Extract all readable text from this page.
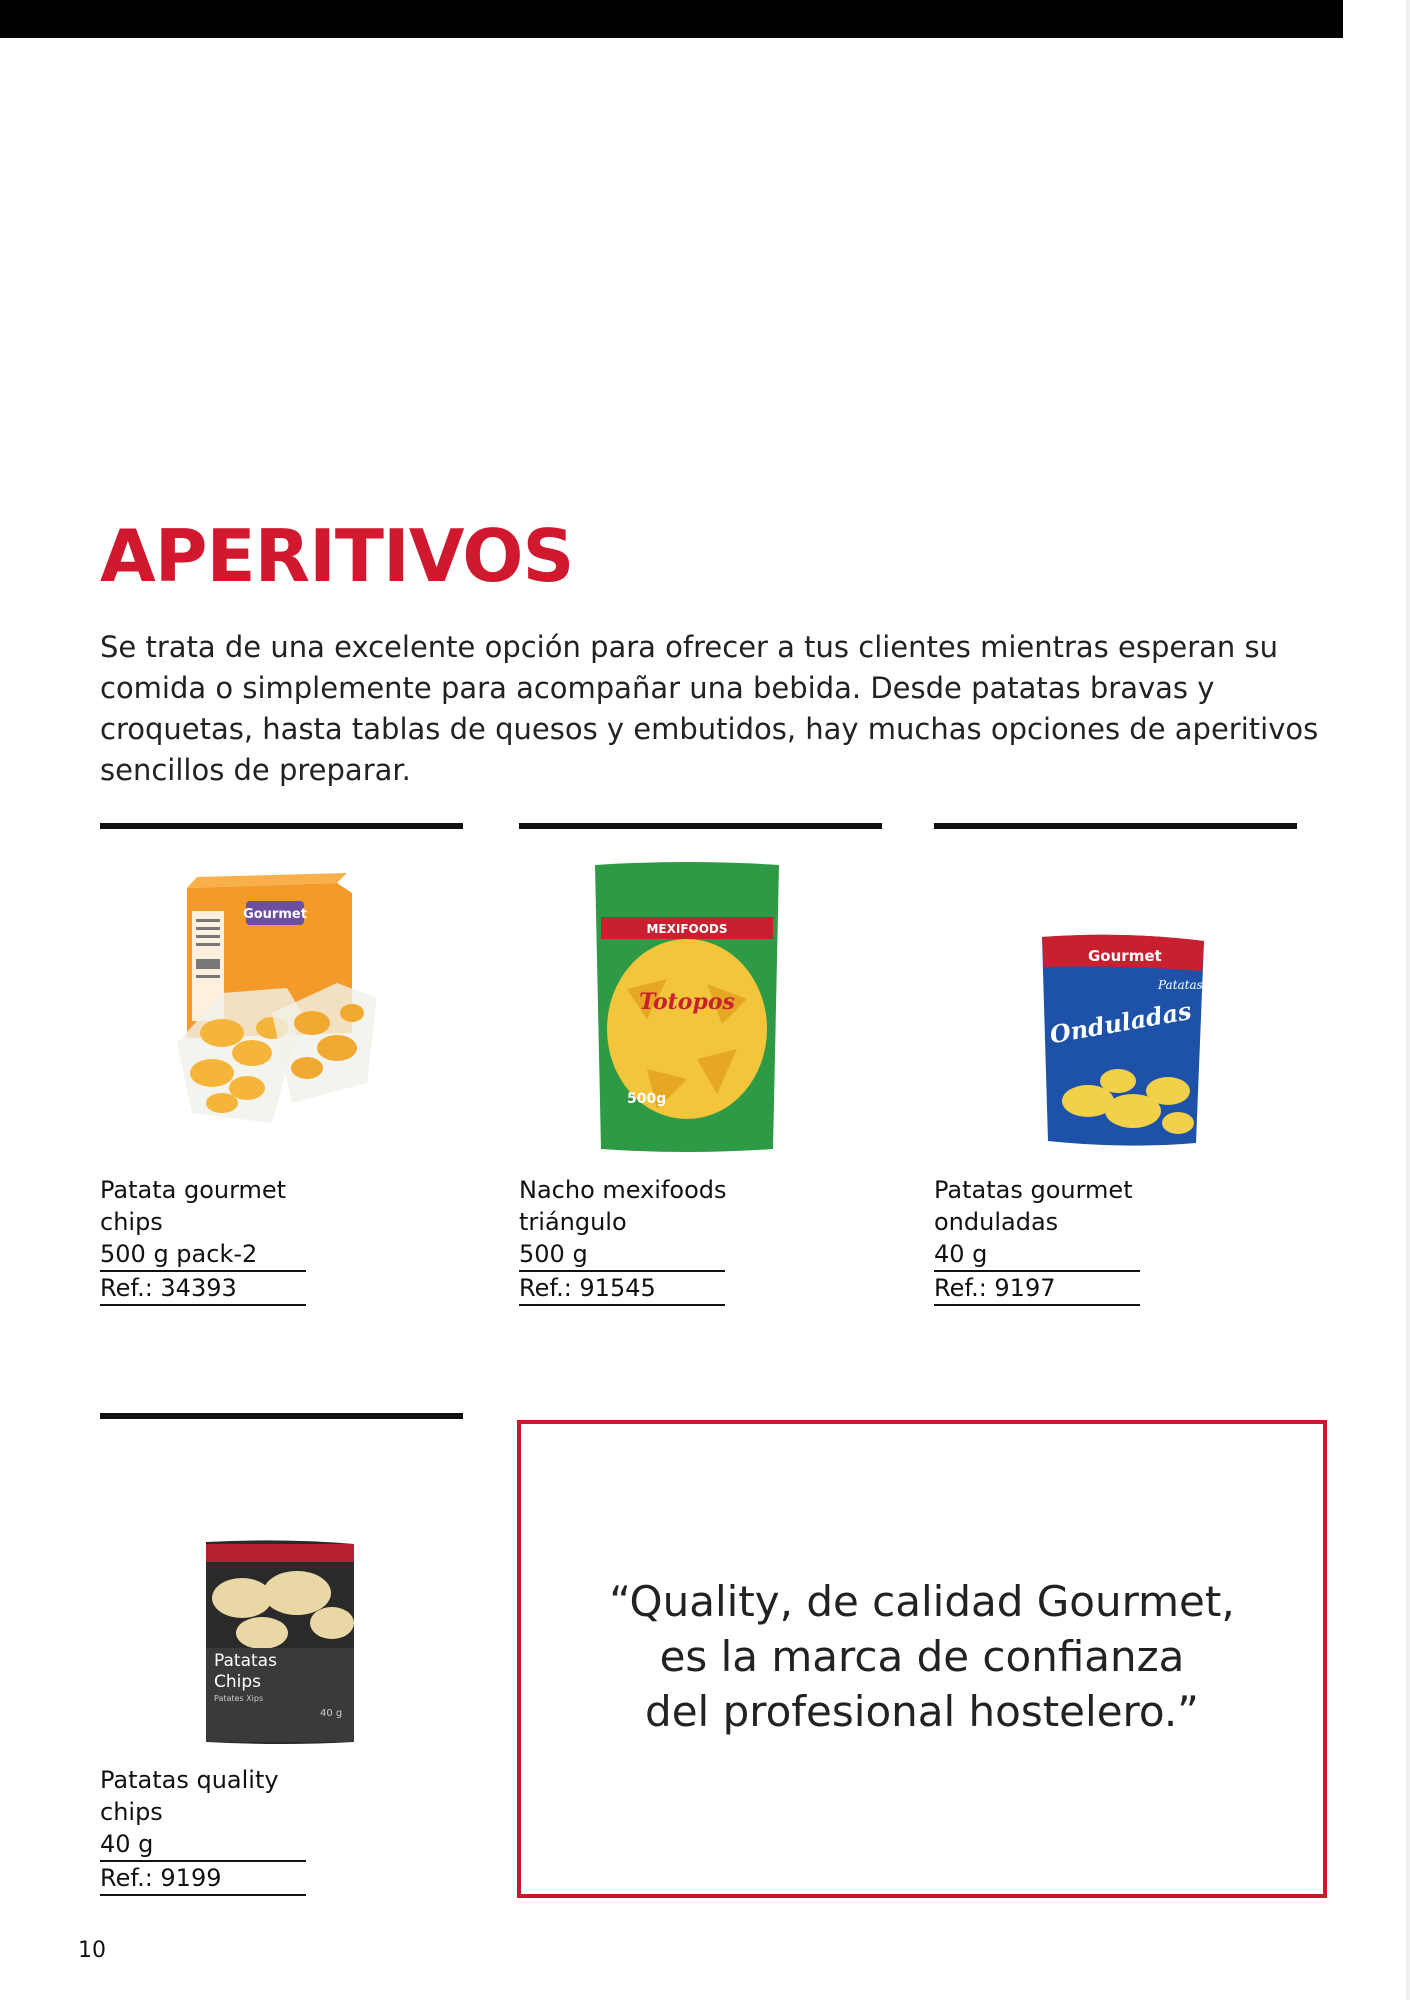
APERITIVOS

Se trata de una excelente opción para ofrecer a tus clientes mientras esperan su comida o simplemente para acompañar una bebida. Desde patatas bravas y croquetas, hasta tablas de quesos y embutidos, hay muchas opciones de aperitivos sencillos de preparar.

Gourmet
Patata gourmet
chips
500 g pack-2
Ref.: 34393
MEXIFOODS
Totopos
500g
Nacho mexifoods
triángulo
500 g
Ref.: 91545
Gourmet
Patatas
Onduladas
Patatas gourmet
onduladas
40 g
Ref.: 9197
Patatas
Chips
Patates Xips
40 g
Patatas quality
chips
40 g
Ref.: 9199

“Quality, de calidad Gourmet,
es la marca de confianza
del profesional hostelero.”

10
